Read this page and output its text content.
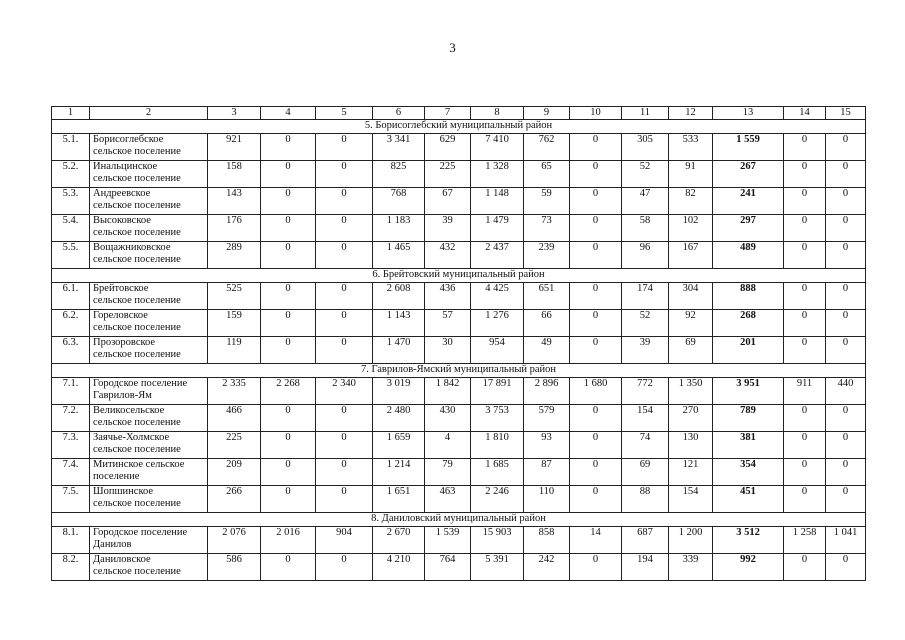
3
1	2	3	4	5	6	7	8	9	10	11	12	13	14	15
5. Борисоглебский муниципальный район														
5.1.	Борисоглебское
сельское поселение	921	0	0	3 341	629	7 410	762	0	305	533	1 559	0	0
5.2.	Инальцинское
сельское поселение	158	0	0	825	225	1 328	65	0	52	91	267	0	0
5.3.	Андреевское
сельское поселение	143	0	0	768	67	1 148	59	0	47	82	241	0	0
5.4.	Высоковское
сельское поселение	176	0	0	1 183	39	1 479	73	0	58	102	297	0	0
5.5.	Вощажниковское
сельское поселение	289	0	0	1 465	432	2 437	239	0	96	167	489	0	0
6. Брейтовский муниципальный район														
6.1.	Брейтовское
сельское поселение	525	0	0	2 608	436	4 425	651	0	174	304	888	0	0
6.2.	Гореловское
сельское поселение	159	0	0	1 143	57	1 276	66	0	52	92	268	0	0
6.3.	Прозоровское
сельское поселение	119	0	0	1 470	30	954	49	0	39	69	201	0	0
7. Гаврилов-Ямский муниципальный район														
7.1.	Городское поселение
Гаврилов-Ям	2 335	2 268	2 340	3 019	1 842	17 891	2 896	1 680	772	1 350	3 951	911	440
7.2.	Великосельское
сельское поселение	466	0	0	2 480	430	3 753	579	0	154	270	789	0	0
7.3.	Заячье-Холмское
сельское поселение	225	0	0	1 659	4	1 810	93	0	74	130	381	0	0
7.4.	Митинское сельское
поселение	209	0	0	1 214	79	1 685	87	0	69	121	354	0	0
7.5.	Шопшинское
сельское поселение	266	0	0	1 651	463	2 246	110	0	88	154	451	0	0
8. Даниловский муниципальный район														
8.1.	Городское поселение
Данилов	2 076	2 016	904	2 670	1 539	15 903	858	14	687	1 200	3 512	1 258	1 041
8.2.	Даниловское
сельское поселение	586	0	0	4 210	764	5 391	242	0	194	339	992	0	0
